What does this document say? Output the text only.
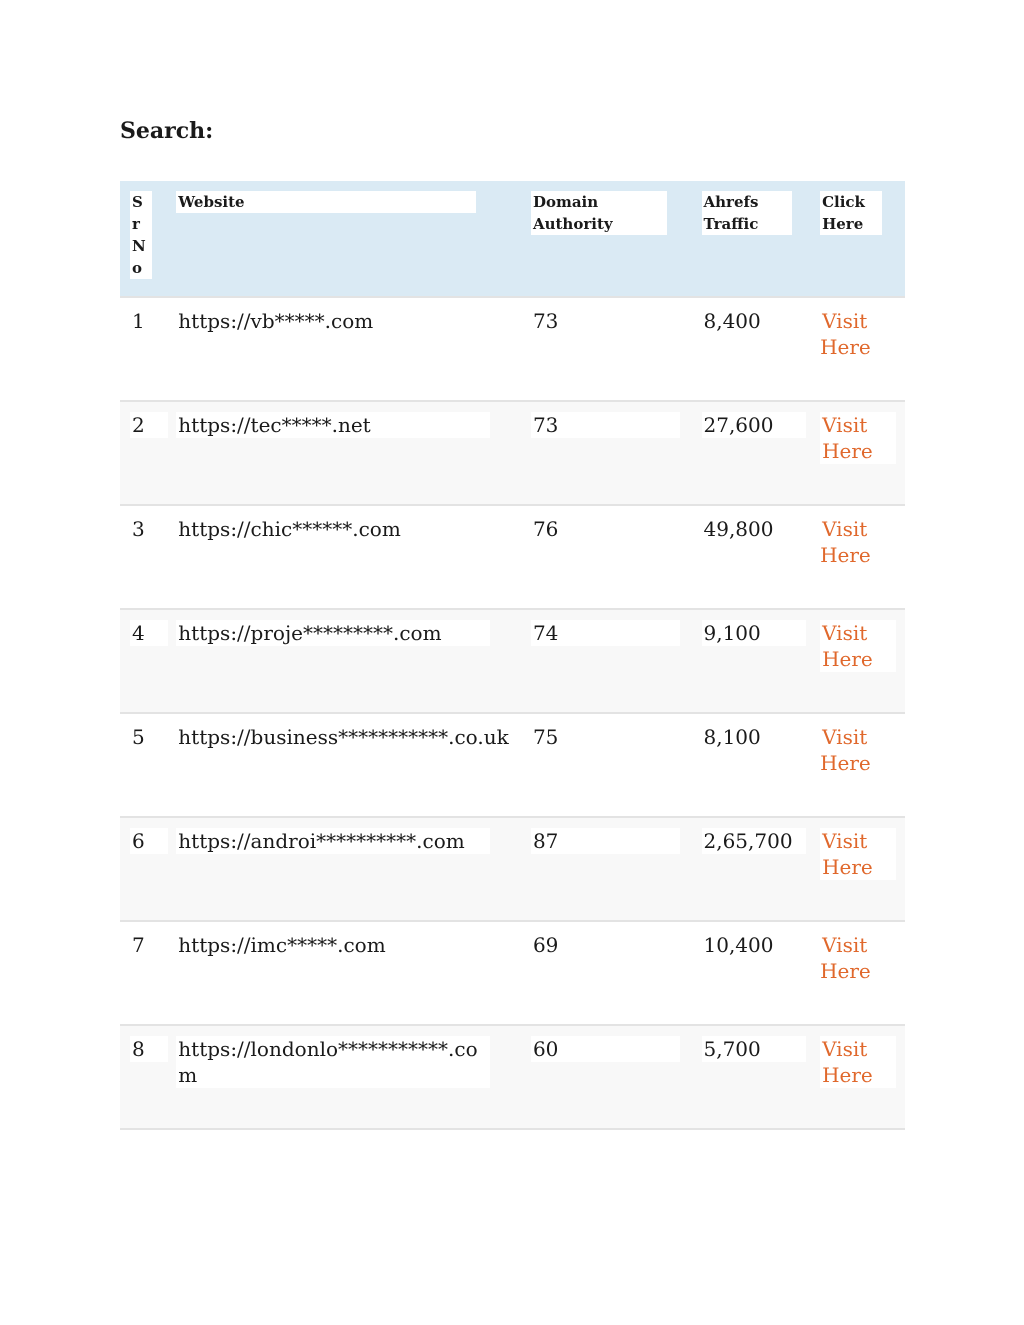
Search:
Sr No	Website	Domain Authority	Ahrefs Traffic	Click Here
1	https://vb*****.com	73	8,400	Visit Here
2	https://tec*****.net	73	27,600	Visit Here
3	https://chic******.com	76	49,800	Visit Here
4	https://proje*********.com	74	9,100	Visit Here
5	https://business***********.co.uk	75	8,100	Visit Here
6	https://androi**********.com	87	2,65,700	Visit Here
7	https://imc*****.com	69	10,400	Visit Here
8	https://londonlo***********.com	60	5,700	Visit Here
